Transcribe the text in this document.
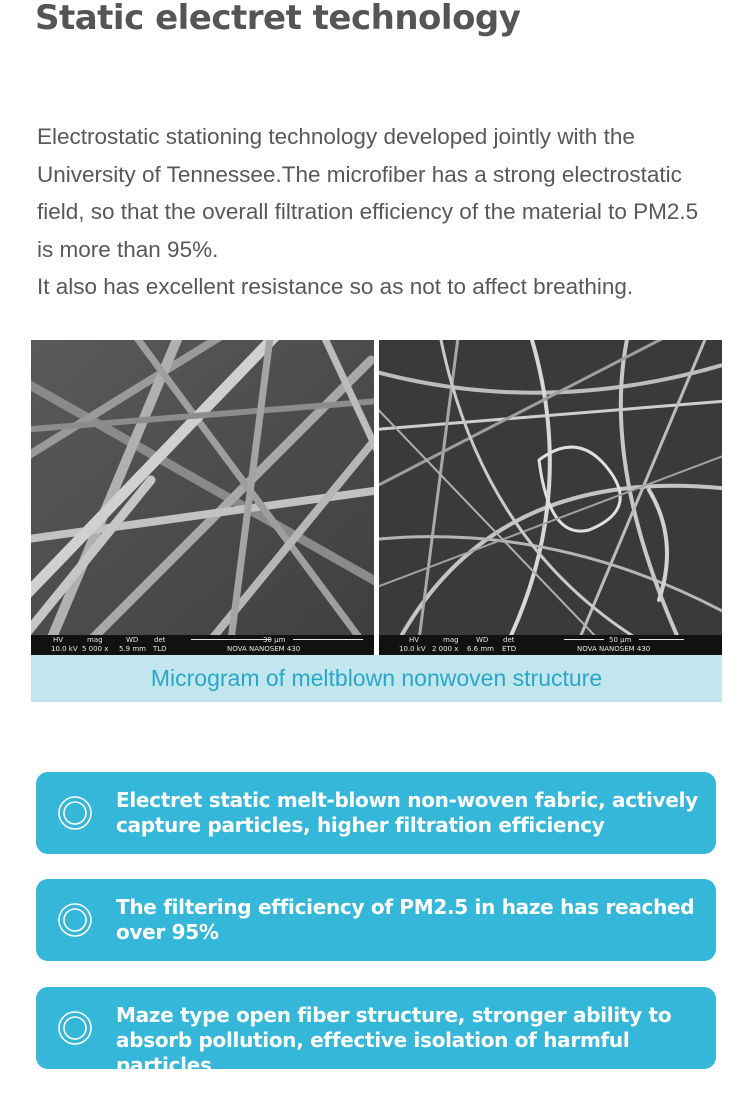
Static electret technology

Electrostatic stationing technology developed jointly with the University of Tennessee.The microfiber has a strong electrostatic field, so that the overall filtration efficiency of the material to PM2.5 is more than 95%.

It also has excellent resistance so as not to affect breathing.

HV
10.0 kV
mag
5 000 x
WD
5.9 mm
det
TLD
30 μm
NOVA NANOSEM 430
HV
10.0 kV
mag
2 000 x
WD
6.6 mm
det
ETD
50 μm
NOVA NANOSEM 430
Microgram of meltblown nonwoven structure
Electret static melt-blown non-woven fabric, actively capture particles, higher filtration efficiency
The filtering efficiency of PM2.5 in haze has reached over 95%
Maze type open fiber structure, stronger ability to absorb pollution, effective isolation of harmful particles
